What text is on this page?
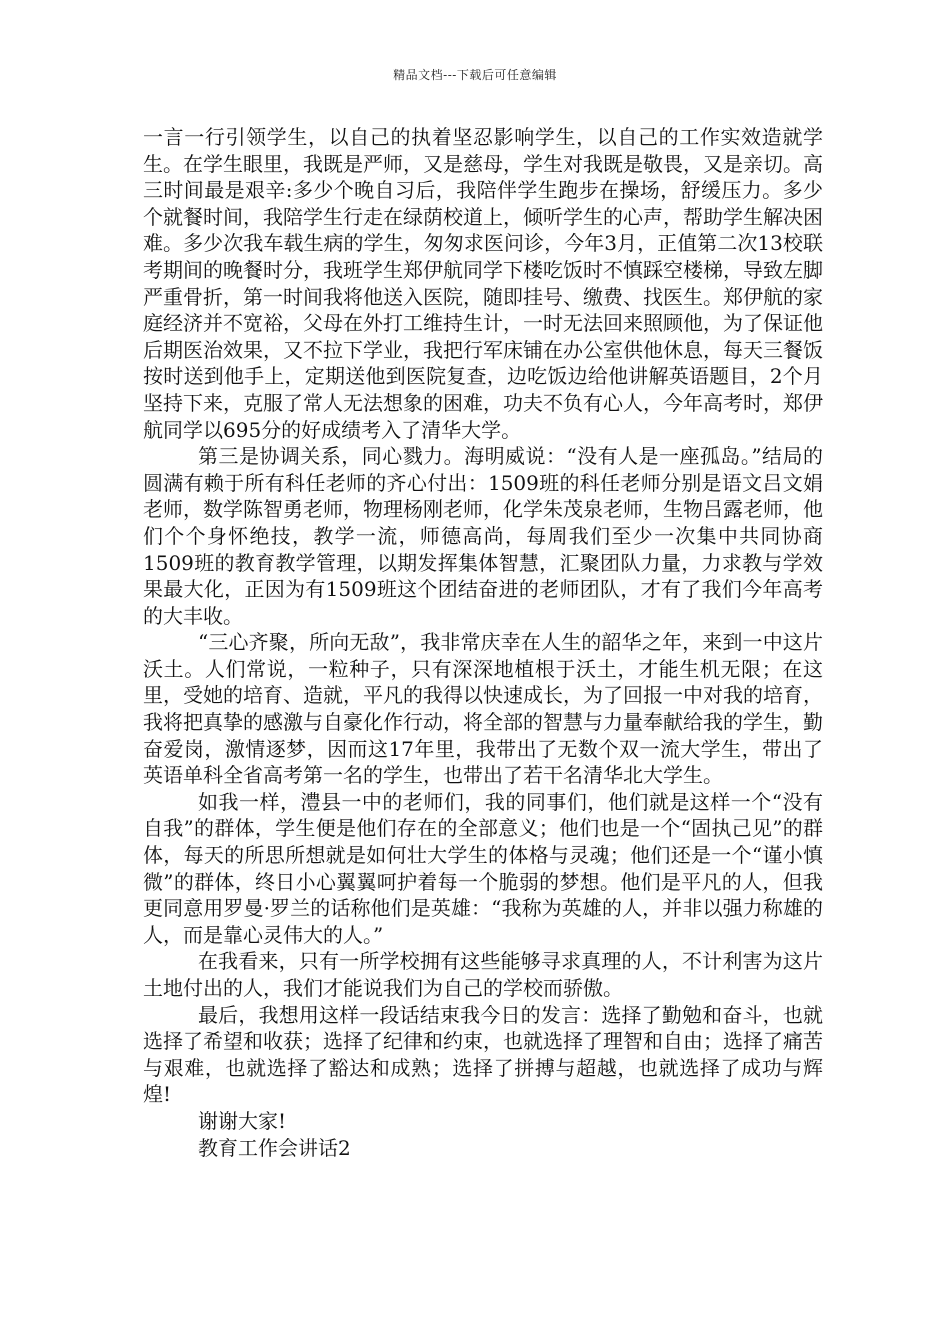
精品文档---下载后可任意编辑

一言一行引领学生，以自己的执着坚忍影响学生，以自己的工作实效造就学生。在学生眼里，我既是严师，又是慈母，学生对我既是敬畏，又是亲切。高三时间最是艰辛:多少个晚自习后，我陪伴学生跑步在操场，舒缓压力。多少个就餐时间，我陪学生行走在绿荫校道上，倾听学生的心声，帮助学生解决困难。多少次我车载生病的学生，匆匆求医问诊，今年3月，正值第二次13校联考期间的晚餐时分，我班学生郑伊航同学下楼吃饭时不慎踩空楼梯，导致左脚严重骨折，第一时间我将他送入医院，随即挂号、缴费、找医生。郑伊航的家庭经济并不宽裕，父母在外打工维持生计，一时无法回来照顾他，为了保证他后期医治效果，又不拉下学业，我把行军床铺在办公室供他休息，每天三餐饭按时送到他手上，定期送他到医院复查，边吃饭边给他讲解英语题目，2个月坚持下来，克服了常人无法想象的困难，功夫不负有心人，今年高考时，郑伊航同学以695分的好成绩考入了清华大学。

第三是协调关系，同心戮力。海明威说：“没有人是一座孤岛。”结局的圆满有赖于所有科任老师的齐心付出：1509班的科任老师分别是语文吕文娟老师，数学陈智勇老师，物理杨刚老师，化学朱茂泉老师，生物吕露老师，他们个个身怀绝技，教学一流，师德高尚，每周我们至少一次集中共同协商1509班的教育教学管理，以期发挥集体智慧，汇聚团队力量，力求教与学效果最大化，正因为有1509班这个团结奋进的老师团队，才有了我们今年高考的大丰收。

“三心齐聚，所向无敌”，我非常庆幸在人生的韶华之年，来到一中这片沃土。人们常说，一粒种子，只有深深地植根于沃土，才能生机无限；在这里，受她的培育、造就，平凡的我得以快速成长，为了回报一中对我的培育，我将把真挚的感激与自豪化作行动，将全部的智慧与力量奉献给我的学生，勤奋爱岗，激情逐梦，因而这17年里，我带出了无数个双一流大学生，带出了英语单科全省高考第一名的学生，也带出了若干名清华北大学生。

如我一样，澧县一中的老师们，我的同事们，他们就是这样一个“没有自我”的群体，学生便是他们存在的全部意义；他们也是一个“固执己见”的群体，每天的所思所想就是如何壮大学生的体格与灵魂；他们还是一个“谨小慎微”的群体，终日小心翼翼呵护着每一个脆弱的梦想。他们是平凡的人，但我更同意用罗曼·罗兰的话称他们是英雄：“我称为英雄的人，并非以强力称雄的人，而是靠心灵伟大的人。”

在我看来，只有一所学校拥有这些能够寻求真理的人，不计利害为这片土地付出的人，我们才能说我们为自己的学校而骄傲。

最后，我想用这样一段话结束我今日的发言：选择了勤勉和奋斗，也就选择了希望和收获；选择了纪律和约束，也就选择了理智和自由；选择了痛苦与艰难，也就选择了豁达和成熟；选择了拼搏与超越，也就选择了成功与辉煌!

谢谢大家!

教育工作会讲话2
